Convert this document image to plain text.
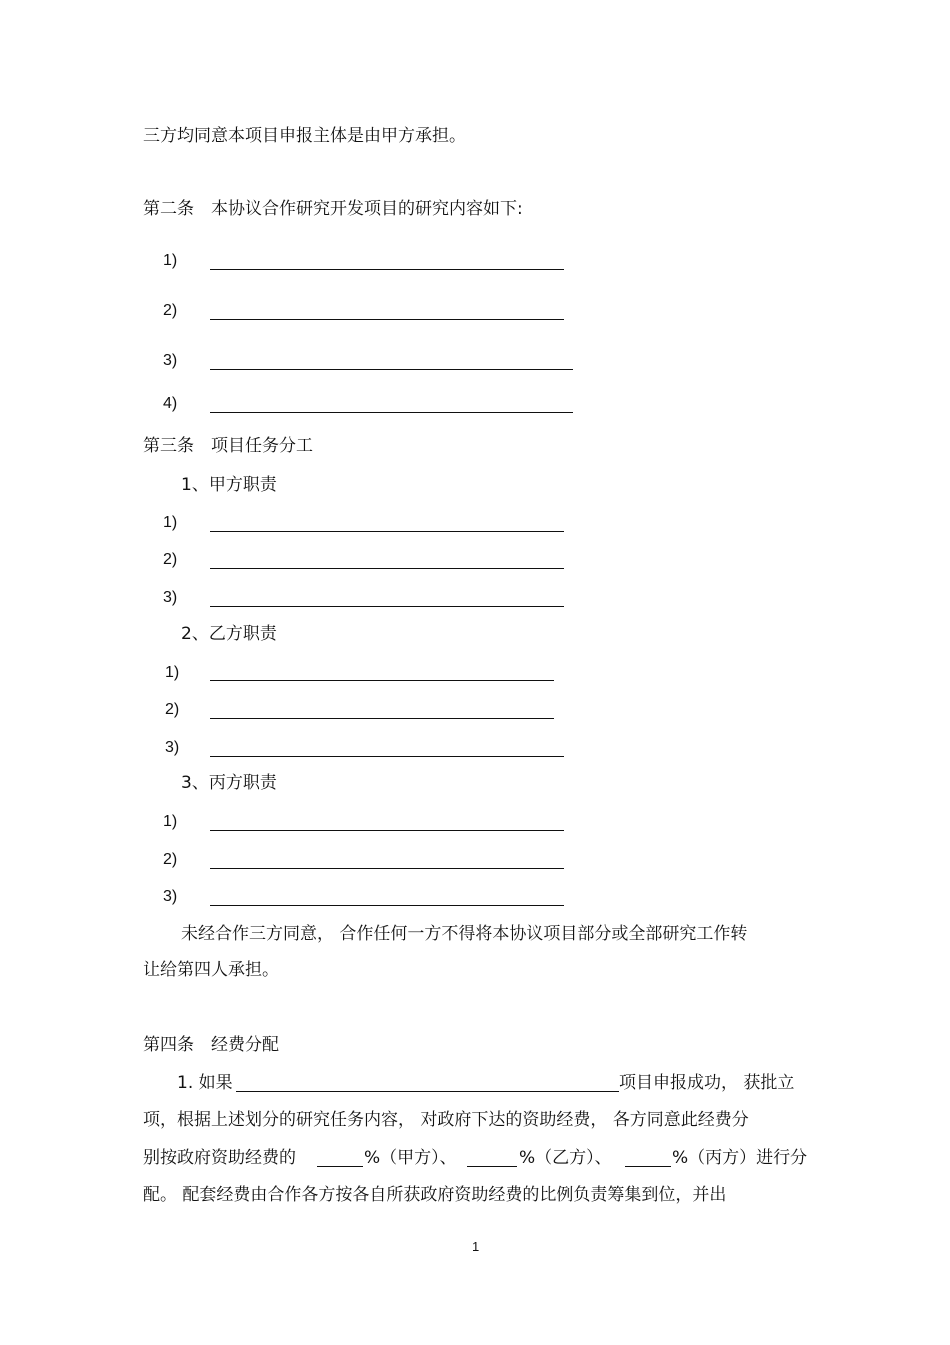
三方均同意本项目申报主体是由甲方承担。
第二条　本协议合作研究开发项目的研究内容如下:
1)
2)
3)
4)
第三条　项目任务分工
1、甲方职责
1)
2)
3)
2、乙方职责
1)
2)
3)
3、丙方职责
1)
2)
3)
未经合作三方同意， 合作任何一方不得将本协议项目部分或全部研究工作转
让给第四人承担。
第四条　经费分配
1. 如果	项目申报成功， 获批立
项，根据上述划分的研究任务内容， 对政府下达的资助经费， 各方同意此经费分
别按政府资助经费的	%（甲方）、	%（乙方）、	%（丙方）进行分
配。 配套经费由合作各方按各自所获政府资助经费的比例负责筹集到位，并出
1
